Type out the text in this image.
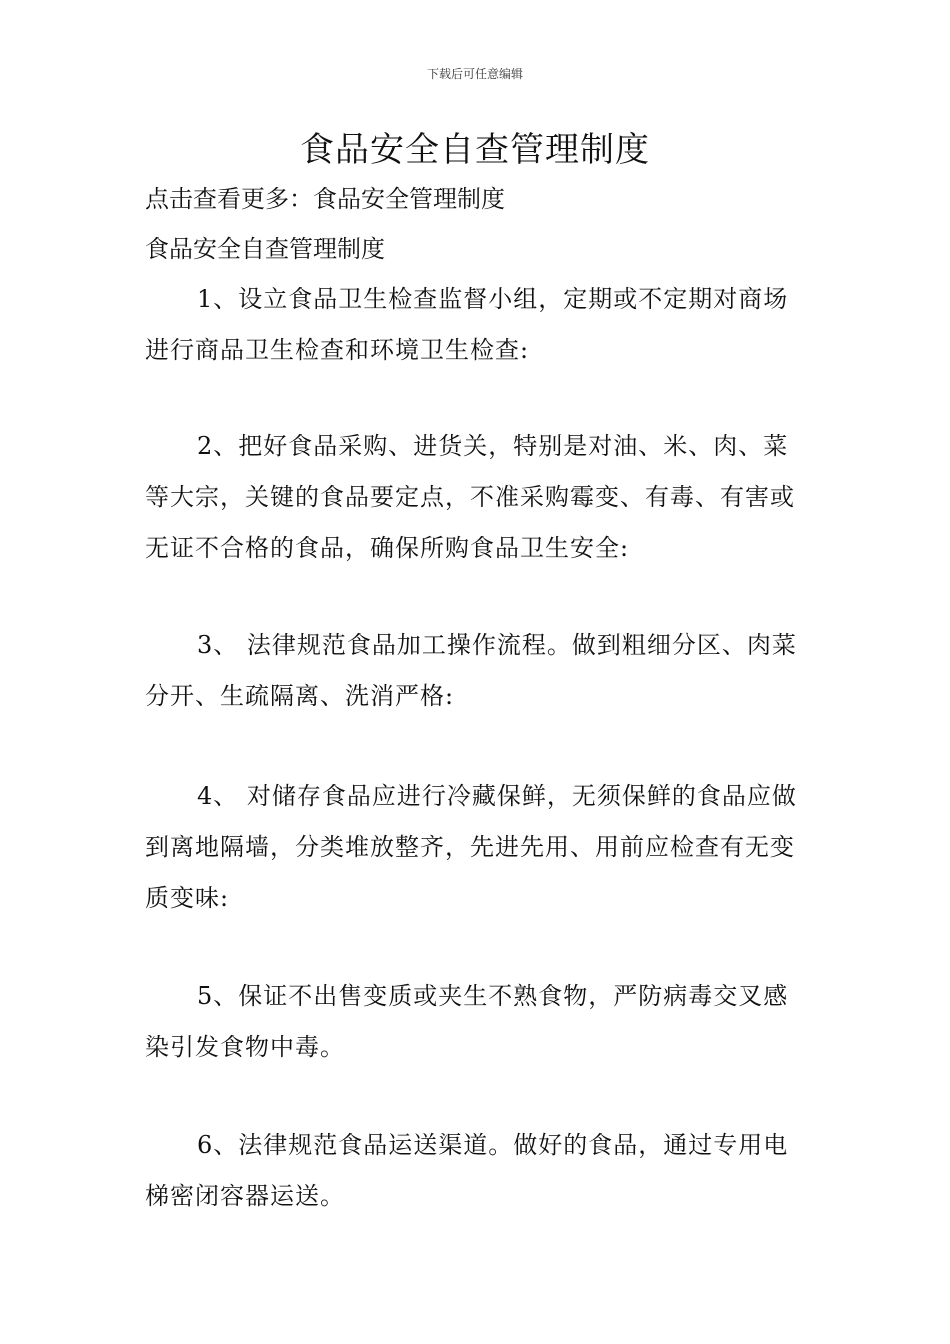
下载后可任意编辑
食品安全自查管理制度
点击查看更多：食品安全管理制度
食品安全自查管理制度

1、设立食品卫生检查监督小组，定期或不定期对商场进行商品卫生检查和环境卫生检查:

2、把好食品采购、进货关，特别是对油、米、肉、菜等大宗，关键的食品要定点，不准采购霉变、有毒、有害或无证不合格的食品，确保所购食品卫生安全:

3、 法律规范食品加工操作流程。做到粗细分区、肉菜分开、生疏隔离、洗消严格:

4、 对储存食品应进行冷藏保鲜，无须保鲜的食品应做到离地隔墙，分类堆放整齐，先进先用、用前应检查有无变质变味:

5、保证不出售变质或夹生不熟食物，严防病毒交叉感染引发食物中毒。

6、法律规范食品运送渠道。做好的食品，通过专用电梯密闭容器运送。
